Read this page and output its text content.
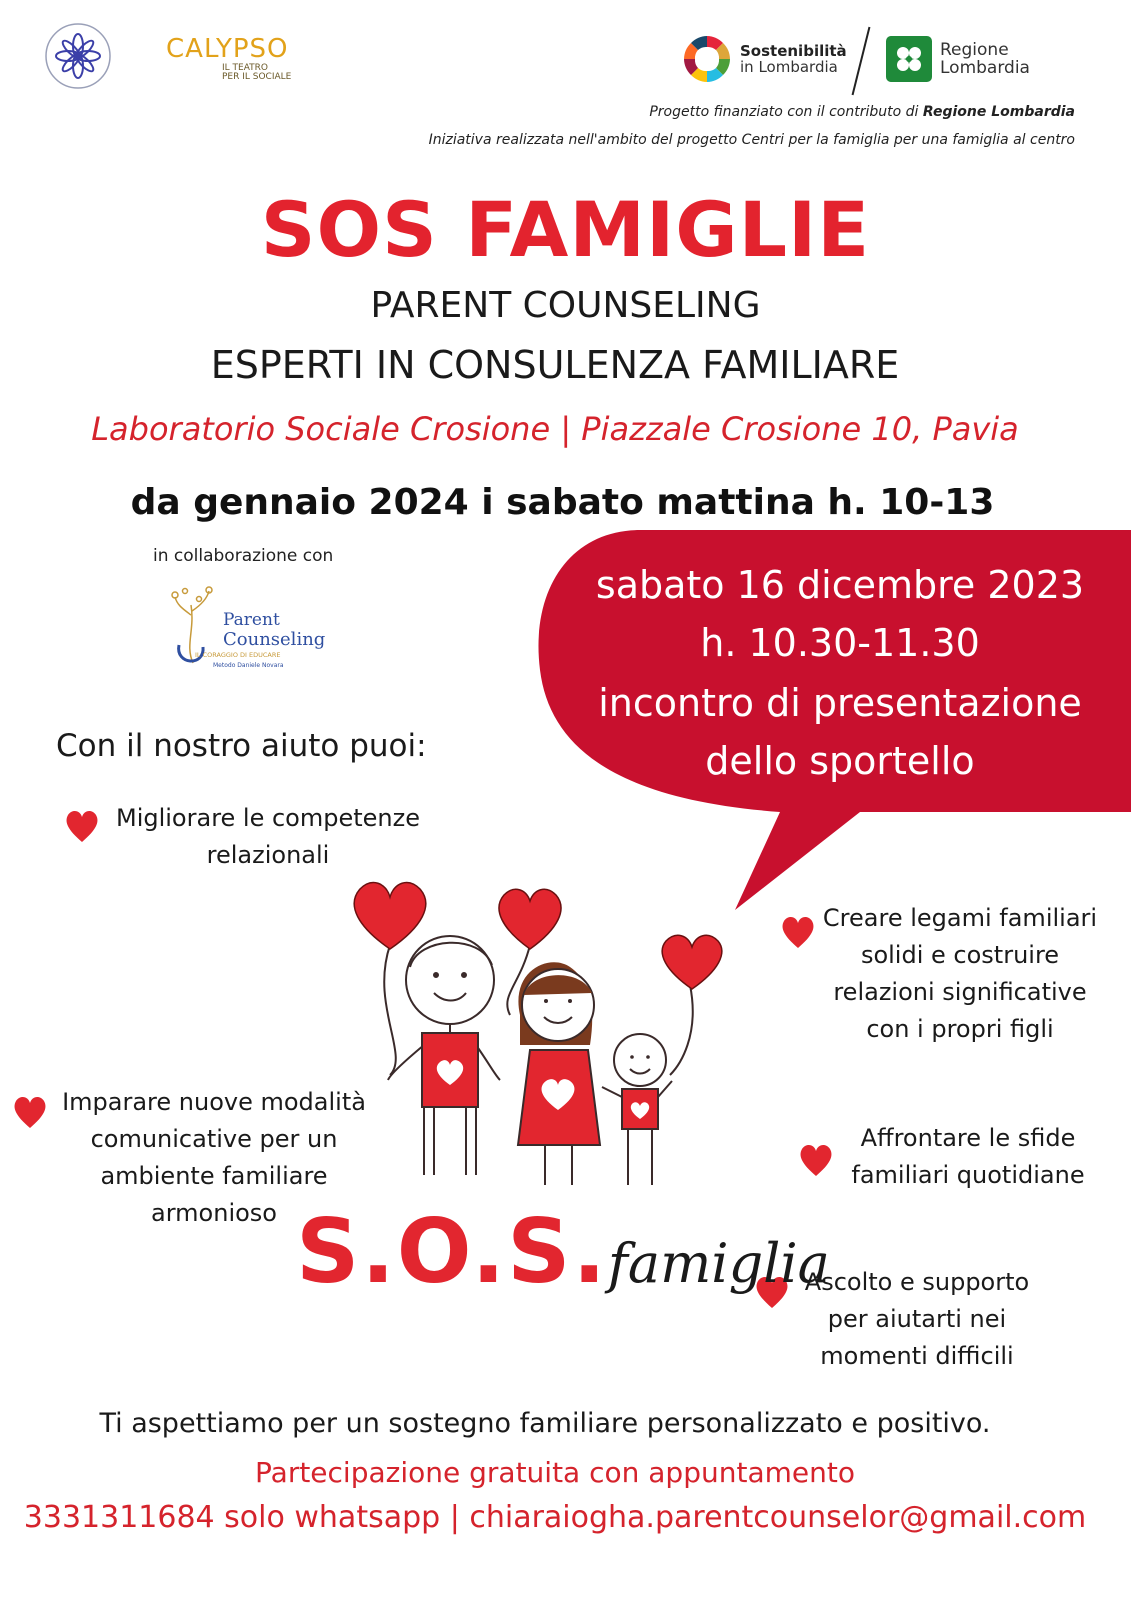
CALYPSO
IL TEATRO
PER IL SOCIALE
Sostenibilità
in Lombardia
Regione
Lombardia
Progetto finanziato con il contributo di Regione Lombardia
Iniziativa realizzata nell'ambito del progetto Centri per la famiglia per una famiglia al centro
SOS FAMIGLIE
PARENT COUNSELING
ESPERTI IN CONSULENZA FAMILIARE
Laboratorio Sociale Crosione | Piazzale Crosione 10, Pavia
da gennaio 2024 i sabato mattina h. 10-13
in collaborazione con
Parent
Counseling
IL CORAGGIO DI EDUCARE
Metodo Daniele Novara
sabato 16 dicembre 2023
h. 10.30-11.30
incontro di presentazione
dello sportello
Con il nostro aiuto puoi:
Migliorare le competenze
relazionali
Creare legami familiari
solidi e costruire
relazioni significative
con i propri figli
Imparare nuove modalità
comunicative per un
ambiente familiare
armonioso
Affrontare le sfide
familiari quotidiane
Ascolto e supporto
per aiutarti nei
momenti difficili
S.O.S.famiglia
Ti aspettiamo per un sostegno familiare personalizzato e positivo.
Partecipazione gratuita con appuntamento
3331311684 solo whatsapp | chiaraiogha.parentcounselor@gmail.com
